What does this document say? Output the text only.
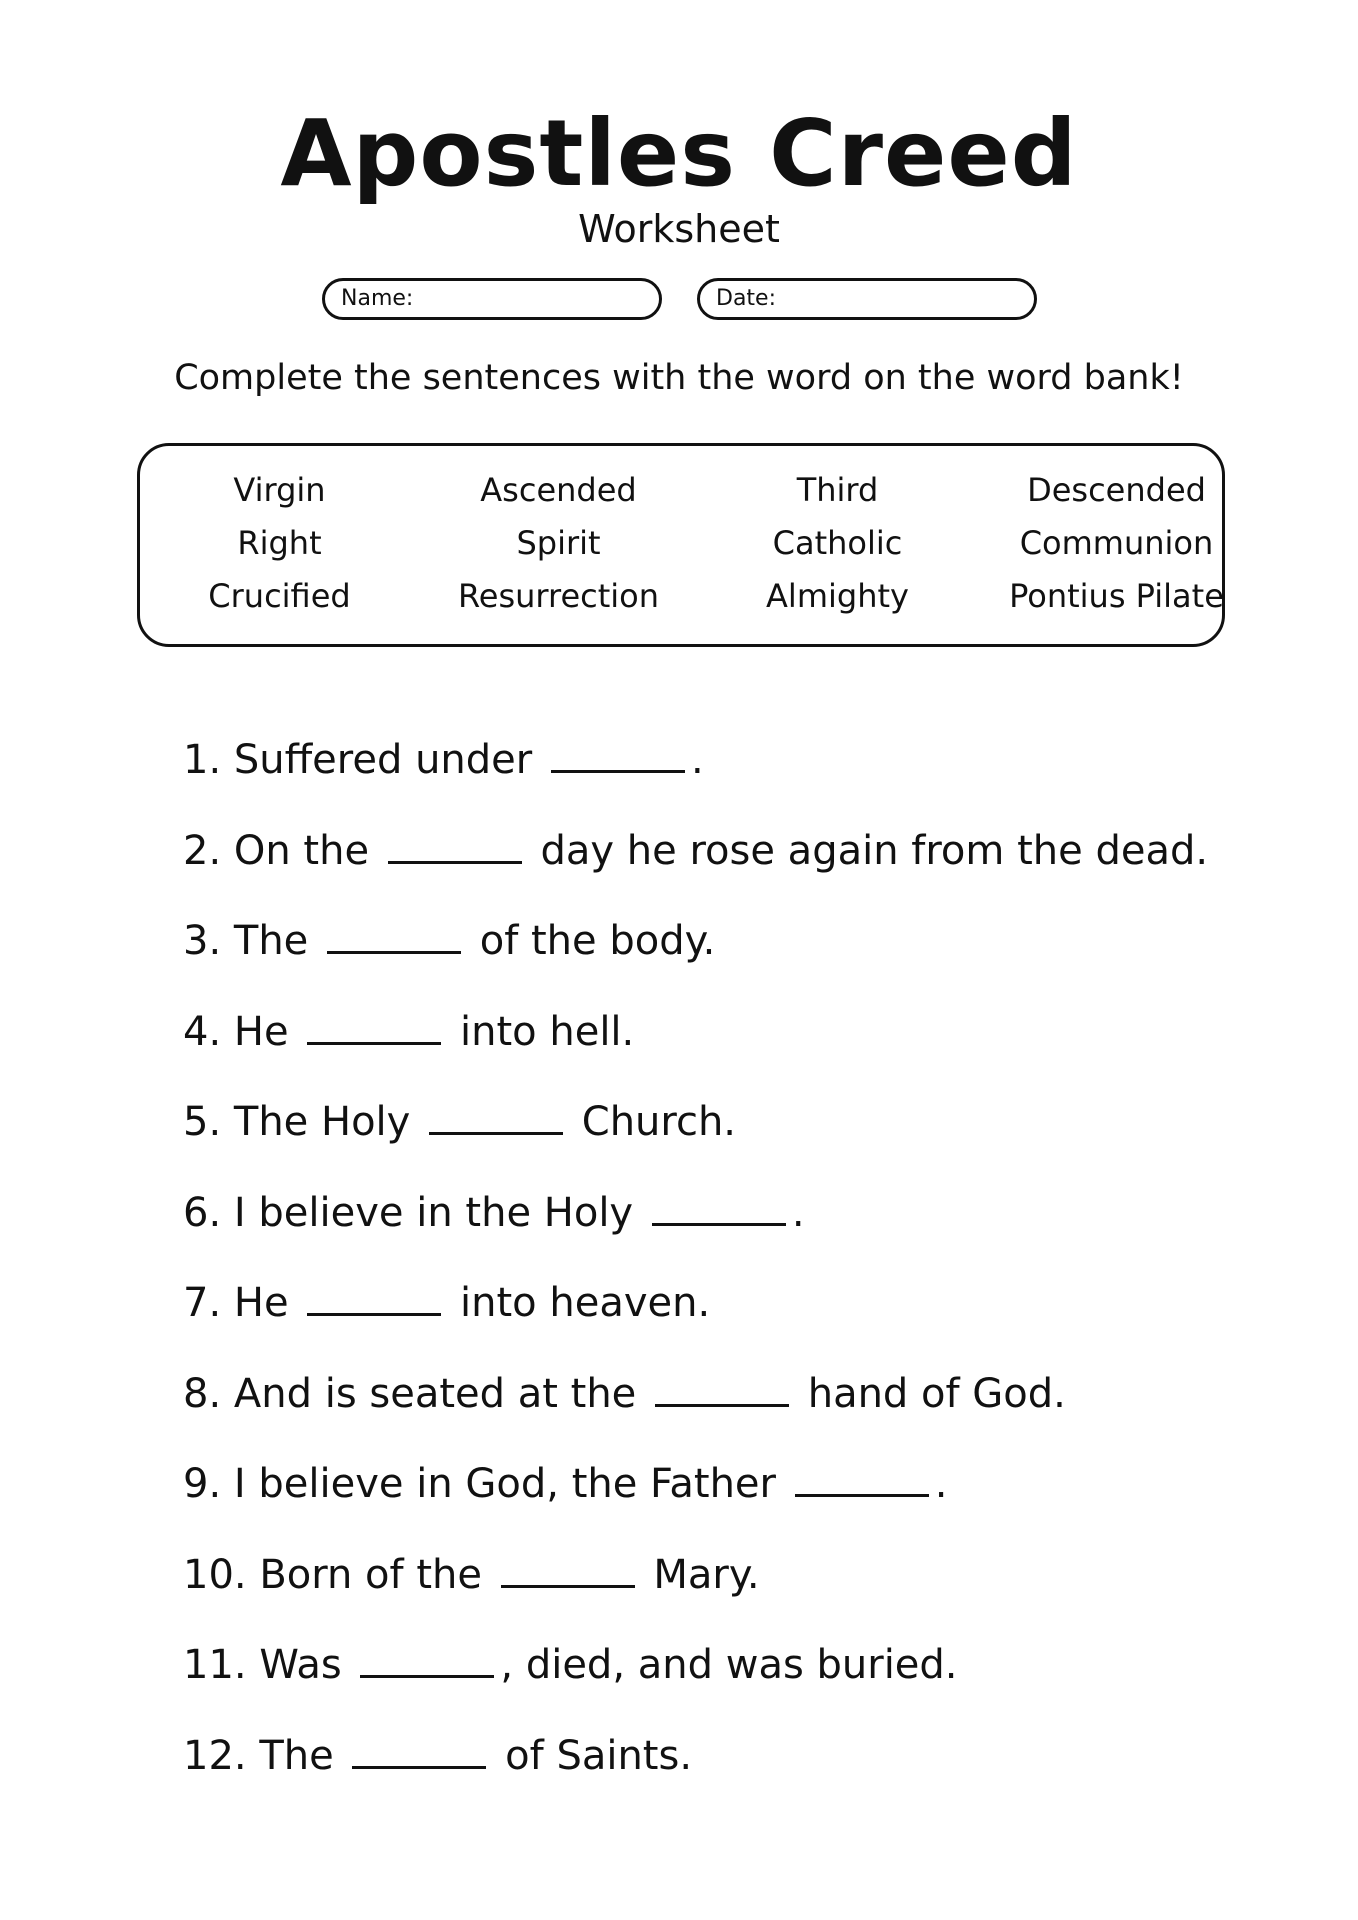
Apostles Creed
Worksheet
Name:	Date:
Complete the sentences with the word on the word bank!
Virgin	Ascended	Third	Descended
Right	Spirit	Catholic	Communion
Crucified	Resurrection	Almighty	Pontius Pilate
1. Suffered under	.
2. On the	day he rose again from the dead.
3. The	of the body.
4. He	into hell.
5. The Holy	Church.
6. I believe in the Holy	.
7. He	into heaven.
8. And is seated at the	hand of God.
9. I believe in God, the Father	.
10. Born of the	Mary.
11. Was	, died, and was buried.
12. The	of Saints.
